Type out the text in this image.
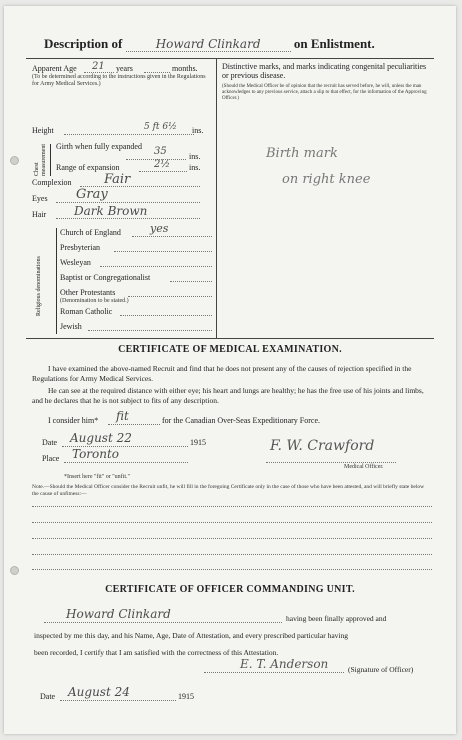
Description of	Howard Clinkard	on Enlistment.
Apparent Age 21 years	months.
(To be determined according to the instructions given in the Regulations for Army Medical Services.)
Height	5 ft 6½ ins.
Chest measurement Girth when fully expanded	35	ins.
Range of expansion	2½ ins.
Complexion Fair
Eyes Gray
Hair Dark Brown
Religious denominations
Church of England	yes
Presbyterian
Wesleyan
Baptist or Congregationalist
Other Protestants
(Denomination to be stated.)
Roman Catholic
Jewish
Distinctive marks, and marks indicating congenital peculiarities or previous disease.
(Should the Medical Officer be of opinion that the recruit has served before, he will, unless the man acknowledges to any previous service, attach a slip to that effect, for the information of the Approving Officer.)
Birth mark
on right knee
CERTIFICATE OF MEDICAL EXAMINATION.
I have examined the above-named Recruit and find that he does not present any of the causes of rejection specified in the Regulations for Army Medical Services.
He can see at the required distance with either eye; his heart and lungs are healthy; he has the free use of his joints and limbs, and he declares that he is not subject to fits of any description.
I consider him* fit	for the Canadian Over-Seas Expeditionary Force.
Date August 22	1915
Place Toronto	F. W. Crawford
Medical Officer.
*Insert here "fit" or "unfit."
Note.—Should the Medical Officer consider the Recruit unfit, he will fill in the foregoing Certificate only in the case of those who have been attested, and will briefly state below the cause of unfitness:—
CERTIFICATE OF OFFICER COMMANDING UNIT.
Howard Clinkard	having been finally approved and
inspected by me this day, and his Name, Age, Date of Attestation, and every prescribed particular having
been recorded, I certify that I am satisfied with the correctness of this Attestation.
E. T. Anderson	(Signature of Officer)
Date August 24	1915
